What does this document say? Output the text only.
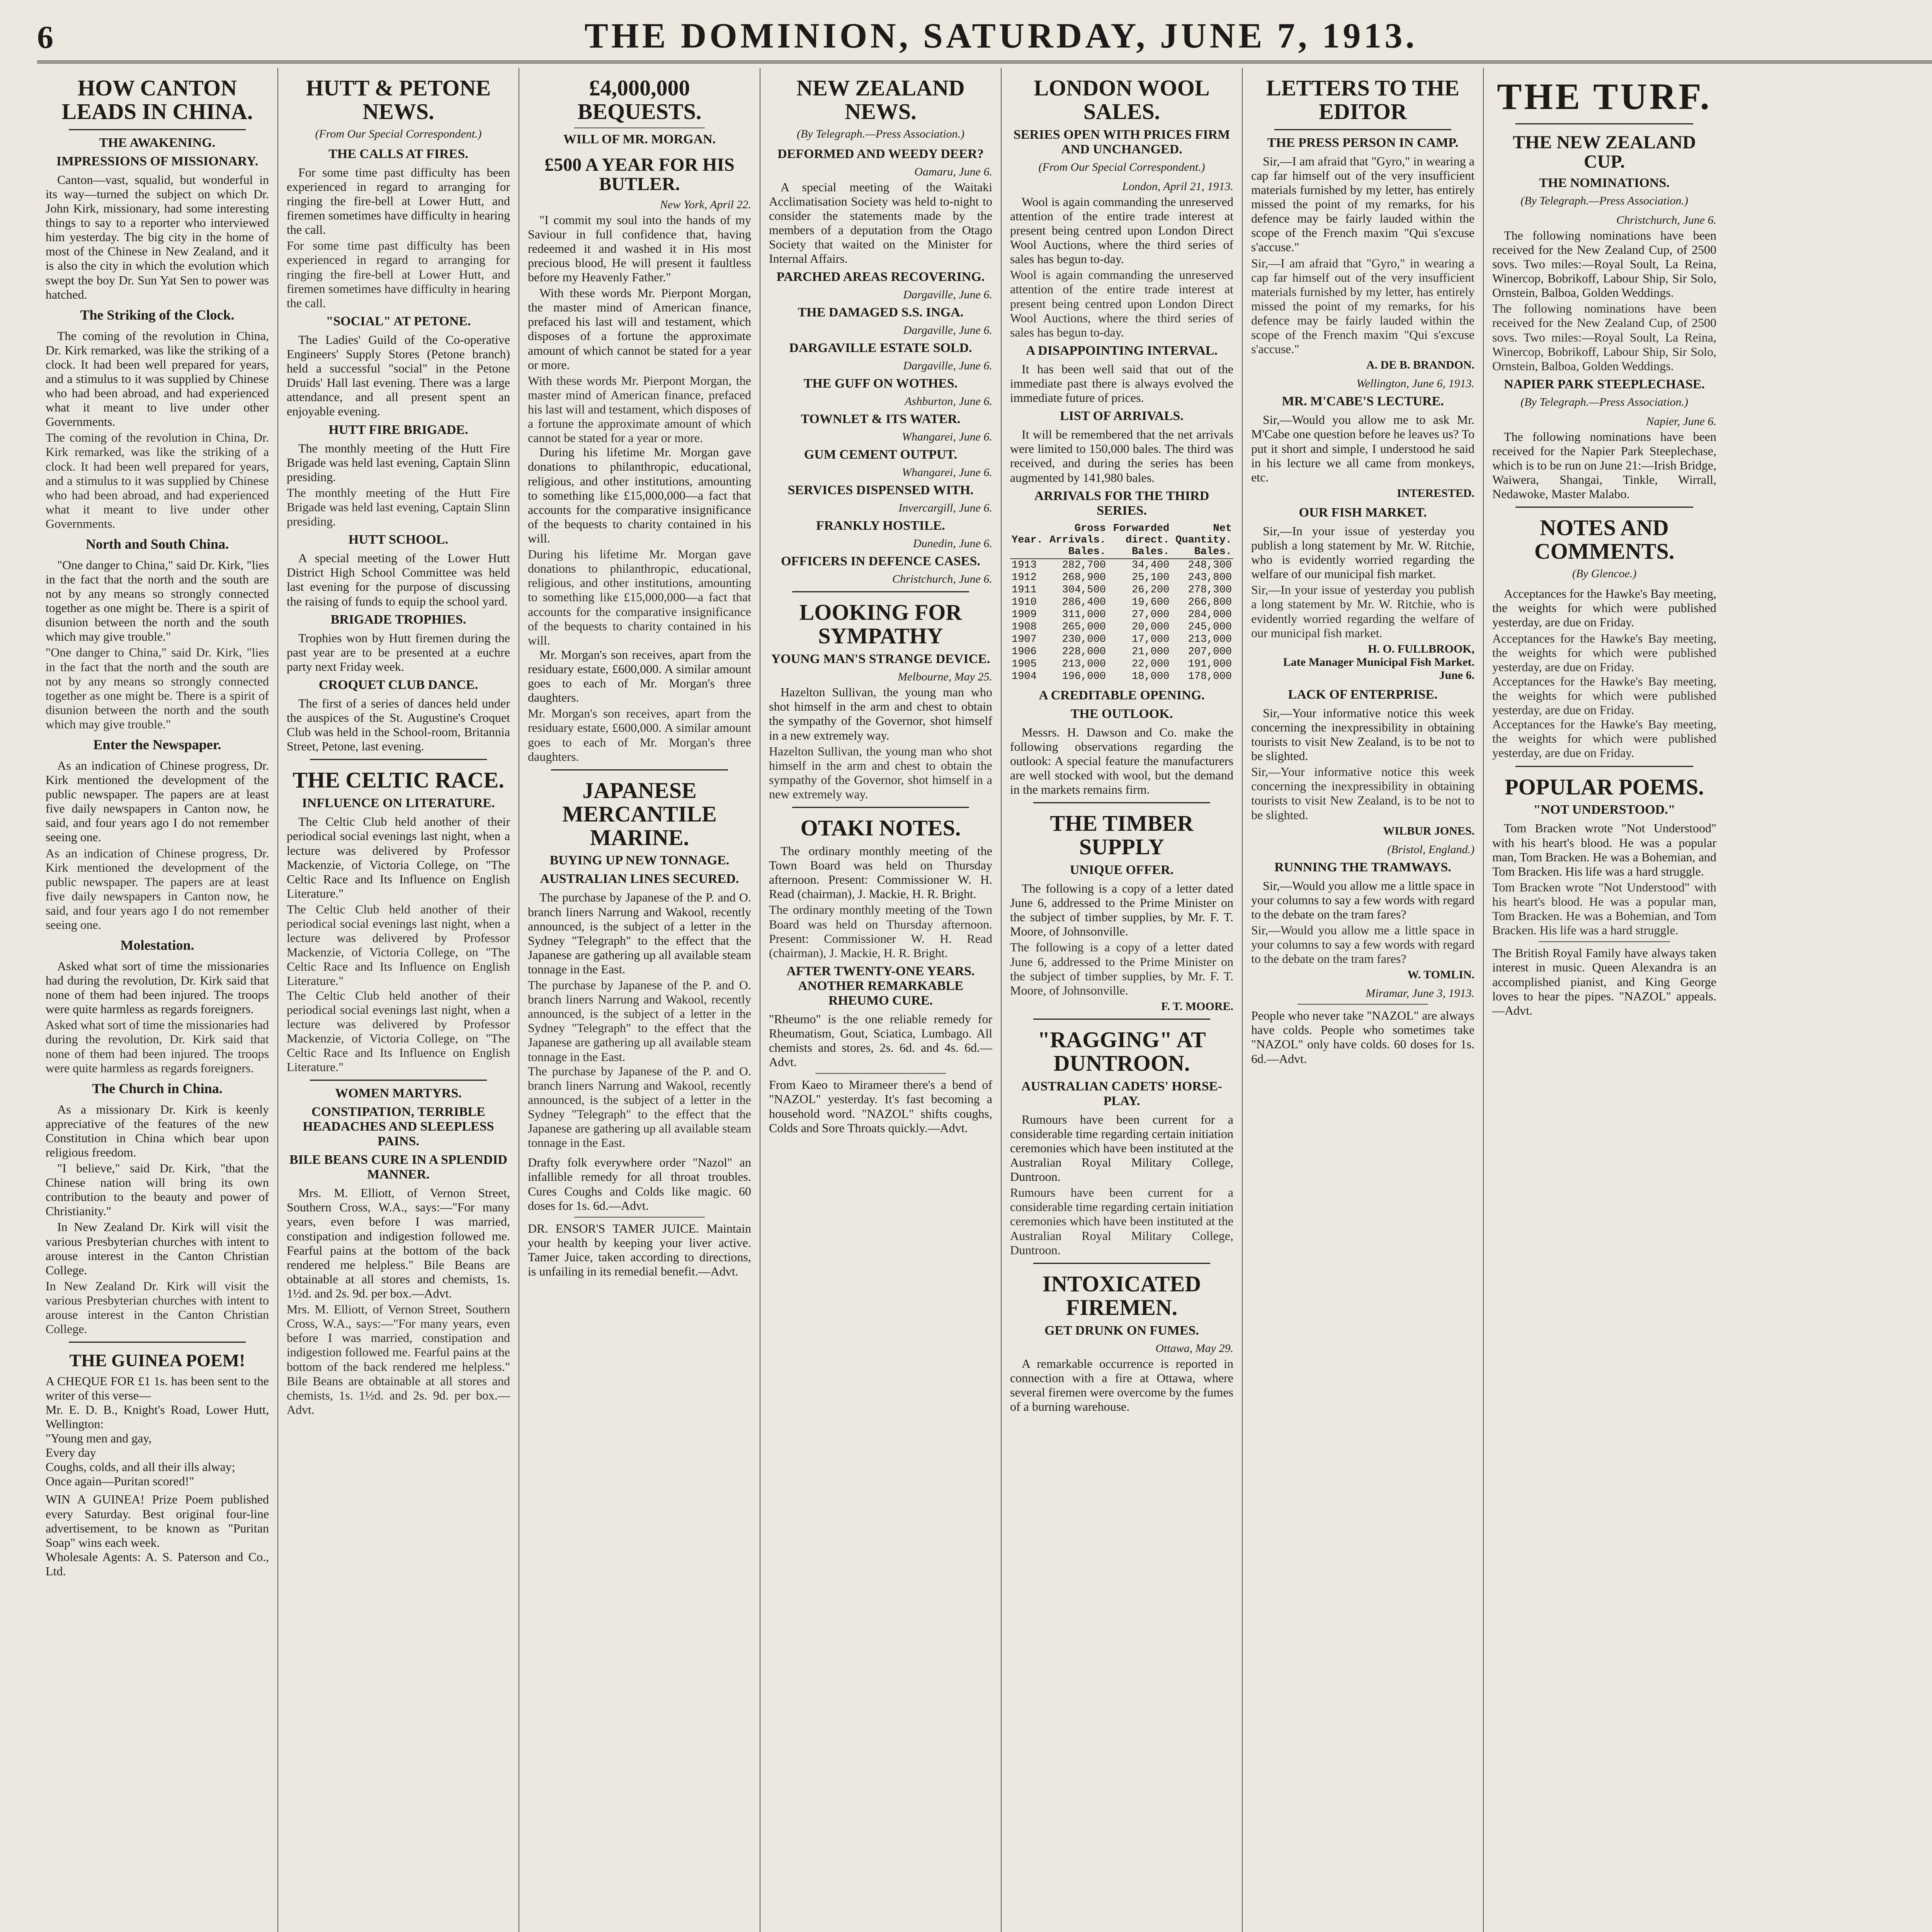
6	THE DOMINION, SATURDAY, JUNE 7, 1913.
HOW CANTON LEADS IN CHINA.
THE AWAKENING.
IMPRESSIONS OF MISSIONARY.

Canton—vast, squalid, but wonderful in its way—turned the subject on which Dr. John Kirk, missionary, had some interesting things to say to a reporter who interviewed him yesterday. The big city in the home of most of the Chinese in New Zealand, and it is also the city in which the evolution which swept the boy Dr. Sun Yat Sen to power was hatched.

The Striking of the Clock.

The coming of the revolution in China, Dr. Kirk remarked, was like the striking of a clock. It had been well prepared for years, and a stimulus to it was supplied by Chinese who had been abroad, and had experienced what it meant to live under other Governments.

The coming of the revolution in China, Dr. Kirk remarked, was like the striking of a clock. It had been well prepared for years, and a stimulus to it was supplied by Chinese who had been abroad, and had experienced what it meant to live under other Governments.
North and South China.

"One danger to China," said Dr. Kirk, "lies in the fact that the north and the south are not by any means so strongly connected together as one might be. There is a spirit of disunion between the north and the south which may give trouble."

"One danger to China," said Dr. Kirk, "lies in the fact that the north and the south are not by any means so strongly connected together as one might be. There is a spirit of disunion between the north and the south which may give trouble."
Enter the Newspaper.

As an indication of Chinese progress, Dr. Kirk mentioned the development of the public newspaper. The papers are at least five daily newspapers in Canton now, he said, and four years ago I do not remember seeing one.

As an indication of Chinese progress, Dr. Kirk mentioned the development of the public newspaper. The papers are at least five daily newspapers in Canton now, he said, and four years ago I do not remember seeing one.
Molestation.

Asked what sort of time the missionaries had during the revolution, Dr. Kirk said that none of them had been injured. The troops were quite harmless as regards foreigners.

Asked what sort of time the missionaries had during the revolution, Dr. Kirk said that none of them had been injured. The troops were quite harmless as regards foreigners.
The Church in China.

As a missionary Dr. Kirk is keenly appreciative of the features of the new Constitution in China which bear upon religious freedom.

"I believe," said Dr. Kirk, "that the Chinese nation will bring its own contribution to the beauty and power of Christianity."

In New Zealand Dr. Kirk will visit the various Presbyterian churches with intent to arouse interest in the Canton Christian College.

In New Zealand Dr. Kirk will visit the various Presbyterian churches with intent to arouse interest in the Canton Christian College.
THE GUINEA POEM!
A CHEQUE FOR £1 1s. has been sent to the writer of this verse—
Mr. E. D. B., Knight's Road, Lower Hutt, Wellington:
"Young men and gay,
Every day
Coughs, colds, and all their ills alway;
Once again—Puritan scored!"
WIN A GUINEA! Prize Poem published every Saturday. Best original four-line advertisement, to be known as "Puritan Soap" wins each week.
Wholesale Agents: A. S. Paterson and Co., Ltd.
HUTT & PETONE NEWS.
(From Our Special Correspondent.)
THE CALLS AT FIRES.

For some time past difficulty has been experienced in regard to arranging for ringing the fire-bell at Lower Hutt, and firemen sometimes have difficulty in hearing the call.

For some time past difficulty has been experienced in regard to arranging for ringing the fire-bell at Lower Hutt, and firemen sometimes have difficulty in hearing the call.
"SOCIAL" AT PETONE.

The Ladies' Guild of the Co-operative Engineers' Supply Stores (Petone branch) held a successful "social" in the Petone Druids' Hall last evening. There was a large attendance, and all present spent an enjoyable evening.

HUTT FIRE BRIGADE.

The monthly meeting of the Hutt Fire Brigade was held last evening, Captain Slinn presiding.

The monthly meeting of the Hutt Fire Brigade was held last evening, Captain Slinn presiding.
HUTT SCHOOL.

A special meeting of the Lower Hutt District High School Committee was held last evening for the purpose of discussing the raising of funds to equip the school yard.

BRIGADE TROPHIES.

Trophies won by Hutt firemen during the past year are to be presented at a euchre party next Friday week.

CROQUET CLUB DANCE.

The first of a series of dances held under the auspices of the St. Augustine's Croquet Club was held in the School-room, Britannia Street, Petone, last evening.

THE CELTIC RACE.
INFLUENCE ON LITERATURE.

The Celtic Club held another of their periodical social evenings last night, when a lecture was delivered by Professor Mackenzie, of Victoria College, on "The Celtic Race and Its Influence on English Literature."

The Celtic Club held another of their periodical social evenings last night, when a lecture was delivered by Professor Mackenzie, of Victoria College, on "The Celtic Race and Its Influence on English Literature."
The Celtic Club held another of their periodical social evenings last night, when a lecture was delivered by Professor Mackenzie, of Victoria College, on "The Celtic Race and Its Influence on English Literature."
WOMEN MARTYRS.
CONSTIPATION, TERRIBLE HEADACHES AND SLEEPLESS PAINS.
BILE BEANS CURE IN A SPLENDID MANNER.

Mrs. M. Elliott, of Vernon Street, Southern Cross, W.A., says:—"For many years, even before I was married, constipation and indigestion followed me. Fearful pains at the bottom of the back rendered me helpless." Bile Beans are obtainable at all stores and chemists, 1s. 1½d. and 2s. 9d. per box.—Advt.

Mrs. M. Elliott, of Vernon Street, Southern Cross, W.A., says:—"For many years, even before I was married, constipation and indigestion followed me. Fearful pains at the bottom of the back rendered me helpless." Bile Beans are obtainable at all stores and chemists, 1s. 1½d. and 2s. 9d. per box.—Advt.
£4,000,000 BEQUESTS.
WILL OF MR. MORGAN.
£500 A YEAR FOR HIS BUTLER.
New York, April 22.

"I commit my soul into the hands of my Saviour in full confidence that, having redeemed it and washed it in His most precious blood, He will present it faultless before my Heavenly Father."

With these words Mr. Pierpont Morgan, the master mind of American finance, prefaced his last will and testament, which disposes of a fortune the approximate amount of which cannot be stated for a year or more.

With these words Mr. Pierpont Morgan, the master mind of American finance, prefaced his last will and testament, which disposes of a fortune the approximate amount of which cannot be stated for a year or more.

During his lifetime Mr. Morgan gave donations to philanthropic, educational, religious, and other institutions, amounting to something like £15,000,000—a fact that accounts for the comparative insignificance of the bequests to charity contained in his will.

During his lifetime Mr. Morgan gave donations to philanthropic, educational, religious, and other institutions, amounting to something like £15,000,000—a fact that accounts for the comparative insignificance of the bequests to charity contained in his will.

Mr. Morgan's son receives, apart from the residuary estate, £600,000. A similar amount goes to each of Mr. Morgan's three daughters.

Mr. Morgan's son receives, apart from the residuary estate, £600,000. A similar amount goes to each of Mr. Morgan's three daughters.
JAPANESE MERCANTILE MARINE.
BUYING UP NEW TONNAGE.
AUSTRALIAN LINES SECURED.

The purchase by Japanese of the P. and O. branch liners Narrung and Wakool, recently announced, is the subject of a letter in the Sydney "Telegraph" to the effect that the Japanese are gathering up all available steam tonnage in the East.

The purchase by Japanese of the P. and O. branch liners Narrung and Wakool, recently announced, is the subject of a letter in the Sydney "Telegraph" to the effect that the Japanese are gathering up all available steam tonnage in the East.
The purchase by Japanese of the P. and O. branch liners Narrung and Wakool, recently announced, is the subject of a letter in the Sydney "Telegraph" to the effect that the Japanese are gathering up all available steam tonnage in the East.
Drafty folk everywhere order "Nazol" an infallible remedy for all throat troubles. Cures Coughs and Colds like magic. 60 doses for 1s. 6d.—Advt.
DR. ENSOR'S TAMER JUICE. Maintain your health by keeping your liver active. Tamer Juice, taken according to directions, is unfailing in its remedial benefit.—Advt.
NEW ZEALAND NEWS.
(By Telegraph.—Press Association.)
DEFORMED AND WEEDY DEER?
Oamaru, June 6.

A special meeting of the Waitaki Acclimatisation Society was held to-night to consider the statements made by the members of a deputation from the Otago Society that waited on the Minister for Internal Affairs.

PARCHED AREAS RECOVERING.
Dargaville, June 6.
THE DAMAGED S.S. INGA.
Dargaville, June 6.
DARGAVILLE ESTATE SOLD.
Dargaville, June 6.
THE GUFF ON WOTHES.
Ashburton, June 6.
TOWNLET & ITS WATER.
Whangarei, June 6.
GUM CEMENT OUTPUT.
Whangarei, June 6.
SERVICES DISPENSED WITH.
Invercargill, June 6.
FRANKLY HOSTILE.
Dunedin, June 6.
OFFICERS IN DEFENCE CASES.
Christchurch, June 6.
LOOKING FOR SYMPATHY
YOUNG MAN'S STRANGE DEVICE.
Melbourne, May 25.

Hazelton Sullivan, the young man who shot himself in the arm and chest to obtain the sympathy of the Governor, shot himself in a new extremely way.

Hazelton Sullivan, the young man who shot himself in the arm and chest to obtain the sympathy of the Governor, shot himself in a new extremely way.
OTAKI NOTES.

The ordinary monthly meeting of the Town Board was held on Thursday afternoon. Present: Commissioner W. H. Read (chairman), J. Mackie, H. R. Bright.

The ordinary monthly meeting of the Town Board was held on Thursday afternoon. Present: Commissioner W. H. Read (chairman), J. Mackie, H. R. Bright.
AFTER TWENTY-ONE YEARS. ANOTHER REMARKABLE RHEUMO CURE.
"Rheumo" is the one reliable remedy for Rheumatism, Gout, Sciatica, Lumbago. All chemists and stores, 2s. 6d. and 4s. 6d.—Advt.
From Kaeo to Mirameer there's a bend of "NAZOL" yesterday. It's fast becoming a household word. "NAZOL" shifts coughs, Colds and Sore Throats quickly.—Advt.
LONDON WOOL SALES.
SERIES OPEN WITH PRICES FIRM AND UNCHANGED.
(From Our Special Correspondent.)
London, April 21, 1913.

Wool is again commanding the unreserved attention of the entire trade interest at present being centred upon London Direct Wool Auctions, where the third series of sales has begun to-day.

Wool is again commanding the unreserved attention of the entire trade interest at present being centred upon London Direct Wool Auctions, where the third series of sales has begun to-day.
A DISAPPOINTING INTERVAL.

It has been well said that out of the immediate past there is always evolved the immediate future of prices.

LIST OF ARRIVALS.

It will be remembered that the net arrivals were limited to 150,000 bales. The third was received, and during the series has been augmented by 141,980 bales.

ARRIVALS FOR THE THIRD SERIES.
Year.	Gross Arrivals. Bales.	Forwarded direct. Bales.	Net Quantity. Bales.
1913	282,700	34,400	248,300
1912	268,900	25,100	243,800
1911	304,500	26,200	278,300
1910	286,400	19,600	266,800
1909	311,000	27,000	284,000
1908	265,000	20,000	245,000
1907	230,000	17,000	213,000
1906	228,000	21,000	207,000
1905	213,000	22,000	191,000
1904	196,000	18,000	178,000
A CREDITABLE OPENING.
THE OUTLOOK.

Messrs. H. Dawson and Co. make the following observations regarding the outlook: A special feature the manufacturers are well stocked with wool, but the demand in the markets remains firm.

THE TIMBER SUPPLY
UNIQUE OFFER.

The following is a copy of a letter dated June 6, addressed to the Prime Minister on the subject of timber supplies, by Mr. F. T. Moore, of Johnsonville.

The following is a copy of a letter dated June 6, addressed to the Prime Minister on the subject of timber supplies, by Mr. F. T. Moore, of Johnsonville.
F. T. MOORE.
"RAGGING" AT DUNTROON.
AUSTRALIAN CADETS' HORSE-PLAY.

Rumours have been current for a considerable time regarding certain initiation ceremonies which have been instituted at the Australian Royal Military College, Duntroon.

Rumours have been current for a considerable time regarding certain initiation ceremonies which have been instituted at the Australian Royal Military College, Duntroon.
INTOXICATED FIREMEN.
GET DRUNK ON FUMES.
Ottawa, May 29.

A remarkable occurrence is reported in connection with a fire at Ottawa, where several firemen were overcome by the fumes of a burning warehouse.

LETTERS TO THE EDITOR
THE PRESS PERSON IN CAMP.

Sir,—I am afraid that "Gyro," in wearing a cap far himself out of the very insufficient materials furnished by my letter, has entirely missed the point of my remarks, for his defence may be fairly lauded within the scope of the French maxim "Qui s'excuse s'accuse."

Sir,—I am afraid that "Gyro," in wearing a cap far himself out of the very insufficient materials furnished by my letter, has entirely missed the point of my remarks, for his defence may be fairly lauded within the scope of the French maxim "Qui s'excuse s'accuse."
A. DE B. BRANDON.
Wellington, June 6, 1913.
MR. M'CABE'S LECTURE.

Sir,—Would you allow me to ask Mr. M'Cabe one question before he leaves us? To put it short and simple, I understood he said in his lecture we all came from monkeys, etc.

INTERESTED.
OUR FISH MARKET.

Sir,—In your issue of yesterday you publish a long statement by Mr. W. Ritchie, who is evidently worried regarding the welfare of our municipal fish market.

Sir,—In your issue of yesterday you publish a long statement by Mr. W. Ritchie, who is evidently worried regarding the welfare of our municipal fish market.
H. O. FULLBROOK,
Late Manager Municipal Fish Market.
June 6.
LACK OF ENTERPRISE.

Sir,—Your informative notice this week concerning the inexpressibility in obtaining tourists to visit New Zealand, is to be not to be slighted.

Sir,—Your informative notice this week concerning the inexpressibility in obtaining tourists to visit New Zealand, is to be not to be slighted.
WILBUR JONES.
(Bristol, England.)
RUNNING THE TRAMWAYS.

Sir,—Would you allow me a little space in your columns to say a few words with regard to the debate on the tram fares?

Sir,—Would you allow me a little space in your columns to say a few words with regard to the debate on the tram fares?
W. TOMLIN.
Miramar, June 3, 1913.
People who never take "NAZOL" are always have colds. People who sometimes take "NAZOL" only have colds. 60 doses for 1s. 6d.—Advt.
THE TURF.
THE NEW ZEALAND CUP.
THE NOMINATIONS.
(By Telegraph.—Press Association.)
Christchurch, June 6.

The following nominations have been received for the New Zealand Cup, of 2500 sovs. Two miles:—Royal Soult, La Reina, Winercop, Bobrikoff, Labour Ship, Sir Solo, Ornstein, Balboa, Golden Weddings.

The following nominations have been received for the New Zealand Cup, of 2500 sovs. Two miles:—Royal Soult, La Reina, Winercop, Bobrikoff, Labour Ship, Sir Solo, Ornstein, Balboa, Golden Weddings.
NAPIER PARK STEEPLECHASE.
(By Telegraph.—Press Association.)
Napier, June 6.

The following nominations have been received for the Napier Park Steeplechase, which is to be run on June 21:—Irish Bridge, Waiwera, Shangai, Tinkle, Wirrall, Nedawoke, Master Malabo.

NOTES AND COMMENTS.
(By Glencoe.)

Acceptances for the Hawke's Bay meeting, the weights for which were published yesterday, are due on Friday.

Acceptances for the Hawke's Bay meeting, the weights for which were published yesterday, are due on Friday.
Acceptances for the Hawke's Bay meeting, the weights for which were published yesterday, are due on Friday.
Acceptances for the Hawke's Bay meeting, the weights for which were published yesterday, are due on Friday.
POPULAR POEMS.
"NOT UNDERSTOOD."

Tom Bracken wrote "Not Understood" with his heart's blood. He was a popular man, Tom Bracken. He was a Bohemian, and Tom Bracken. His life was a hard struggle.

Tom Bracken wrote "Not Understood" with his heart's blood. He was a popular man, Tom Bracken. He was a Bohemian, and Tom Bracken. His life was a hard struggle.
The British Royal Family have always taken interest in music. Queen Alexandra is an accomplished pianist, and King George loves to hear the pipes. "NAZOL" appeals.—Advt.
